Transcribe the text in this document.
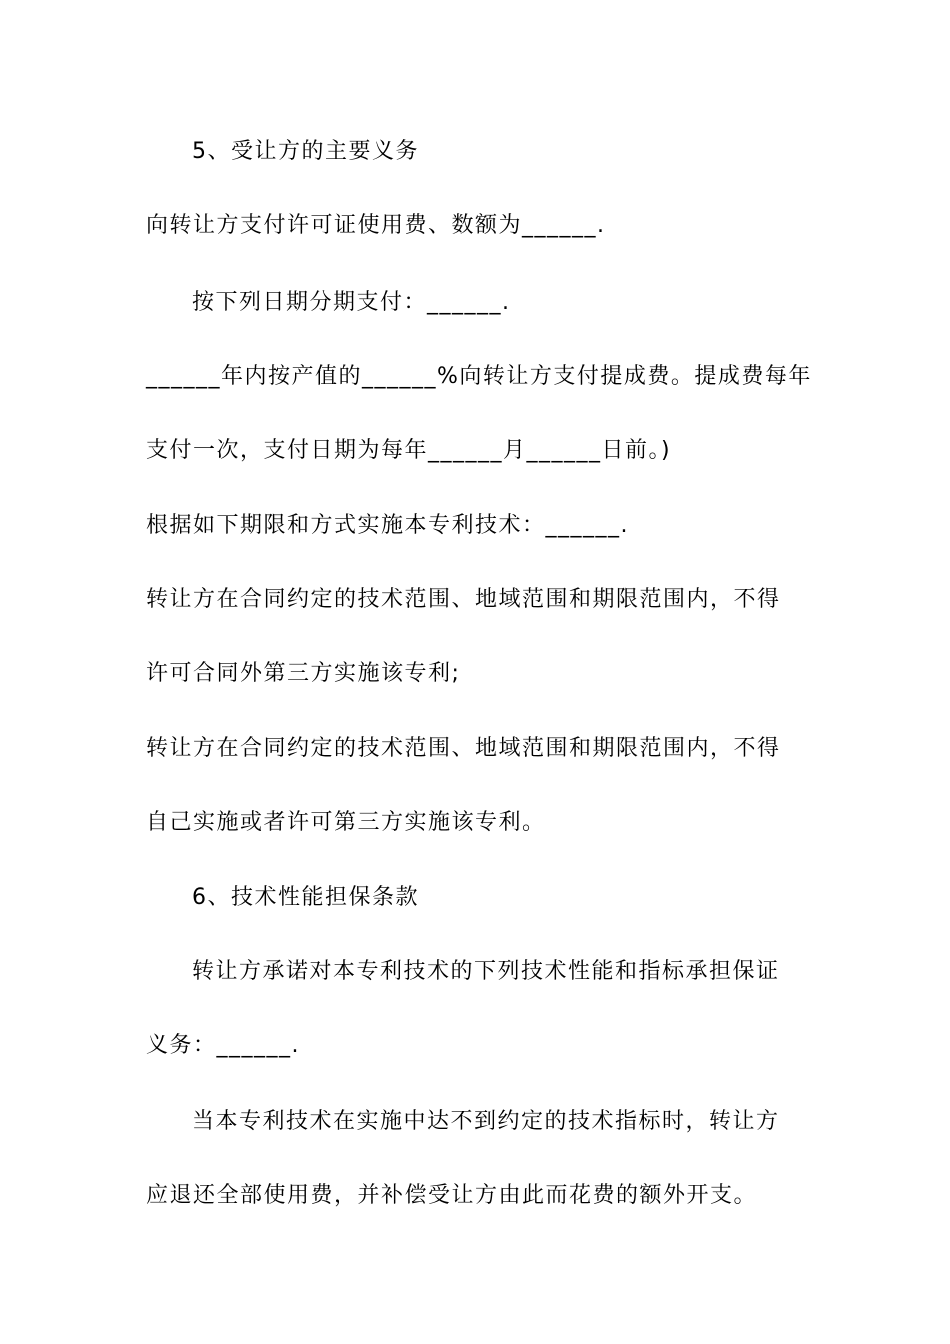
5、受让方的主要义务
向转让方支付许可证使用费、数额为______.
按下列日期分期支付：______.
______年内按产值的______%向转让方支付提成费。提成费每年
支付一次，支付日期为每年______月______日前。)
根据如下期限和方式实施本专利技术：______.
转让方在合同约定的技术范围、地域范围和期限范围内，不得
许可合同外第三方实施该专利;
转让方在合同约定的技术范围、地域范围和期限范围内，不得
自己实施或者许可第三方实施该专利。
6、技术性能担保条款
转让方承诺对本专利技术的下列技术性能和指标承担保证
义务：______.
当本专利技术在实施中达不到约定的技术指标时，转让方
应退还全部使用费，并补偿受让方由此而花费的额外开支。
